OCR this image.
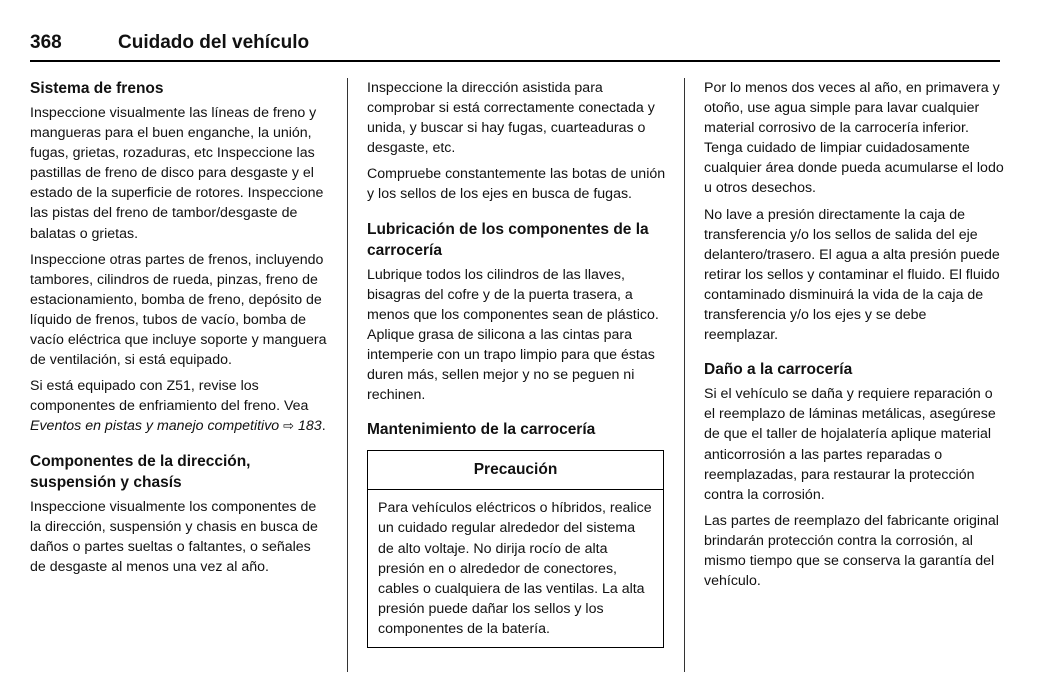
368	Cuidado del vehículo
Sistema de frenos

Inspeccione visualmente las líneas de freno y mangueras para el buen enganche, la unión, fugas, grietas, rozaduras, etc Inspeccione las pastillas de freno de disco para desgaste y el estado de la superficie de rotores. Inspeccione las pistas del freno de tambor/desgaste de balatas o grietas.

Inspeccione otras partes de frenos, incluyendo tambores, cilindros de rueda, pinzas, freno de estacionamiento, bomba de freno, depósito de líquido de frenos, tubos de vacío, bomba de vacío eléctrica que incluye soporte y manguera de ventilación, si está equipado.

Si está equipado con Z51, revise los componentes de enfriamiento del freno. Vea Eventos en pistas y manejo competitivo ⇨ 183.

Componentes de la dirección, suspensión y chasís

Inspeccione visualmente los componentes de la dirección, suspensión y chasis en busca de daños o partes sueltas o faltantes, o señales de desgaste al menos una vez al año.

Inspeccione la dirección asistida para comprobar si está correctamente conectada y unida, y buscar si hay fugas, cuarteaduras o desgaste, etc.

Compruebe constantemente las botas de unión y los sellos de los ejes en busca de fugas.

Lubricación de los componentes de la carrocería

Lubrique todos los cilindros de las llaves, bisagras del cofre y de la puerta trasera, a menos que los componentes sean de plástico. Aplique grasa de silicona a las cintas para intemperie con un trapo limpio para que éstas duren más, sellen mejor y no se peguen ni rechinen.

Mantenimiento de la carrocería
Precaución

Para vehículos eléctricos o híbridos, realice un cuidado regular alrededor del sistema de alto voltaje. No dirija rocío de alta presión en o alrededor de conectores, cables o cualquiera de las ventilas. La alta presión puede dañar los sellos y los componentes de la batería.

Por lo menos dos veces al año, en primavera y otoño, use agua simple para lavar cualquier material corrosivo de la carrocería inferior. Tenga cuidado de limpiar cuidadosamente cualquier área donde pueda acumularse el lodo u otros desechos.

No lave a presión directamente la caja de transferencia y/o los sellos de salida del eje delantero/trasero. El agua a alta presión puede retirar los sellos y contaminar el fluido. El fluido contaminado disminuirá la vida de la caja de transferencia y/o los ejes y se debe reemplazar.

Daño a la carrocería

Si el vehículo se daña y requiere reparación o el reemplazo de láminas metálicas, asegúrese de que el taller de hojalatería aplique material anticorrosión a las partes reparadas o reemplazadas, para restaurar la protección contra la corrosión.

Las partes de reemplazo del fabricante original brindarán protección contra la corrosión, al mismo tiempo que se conserva la garantía del vehículo.
